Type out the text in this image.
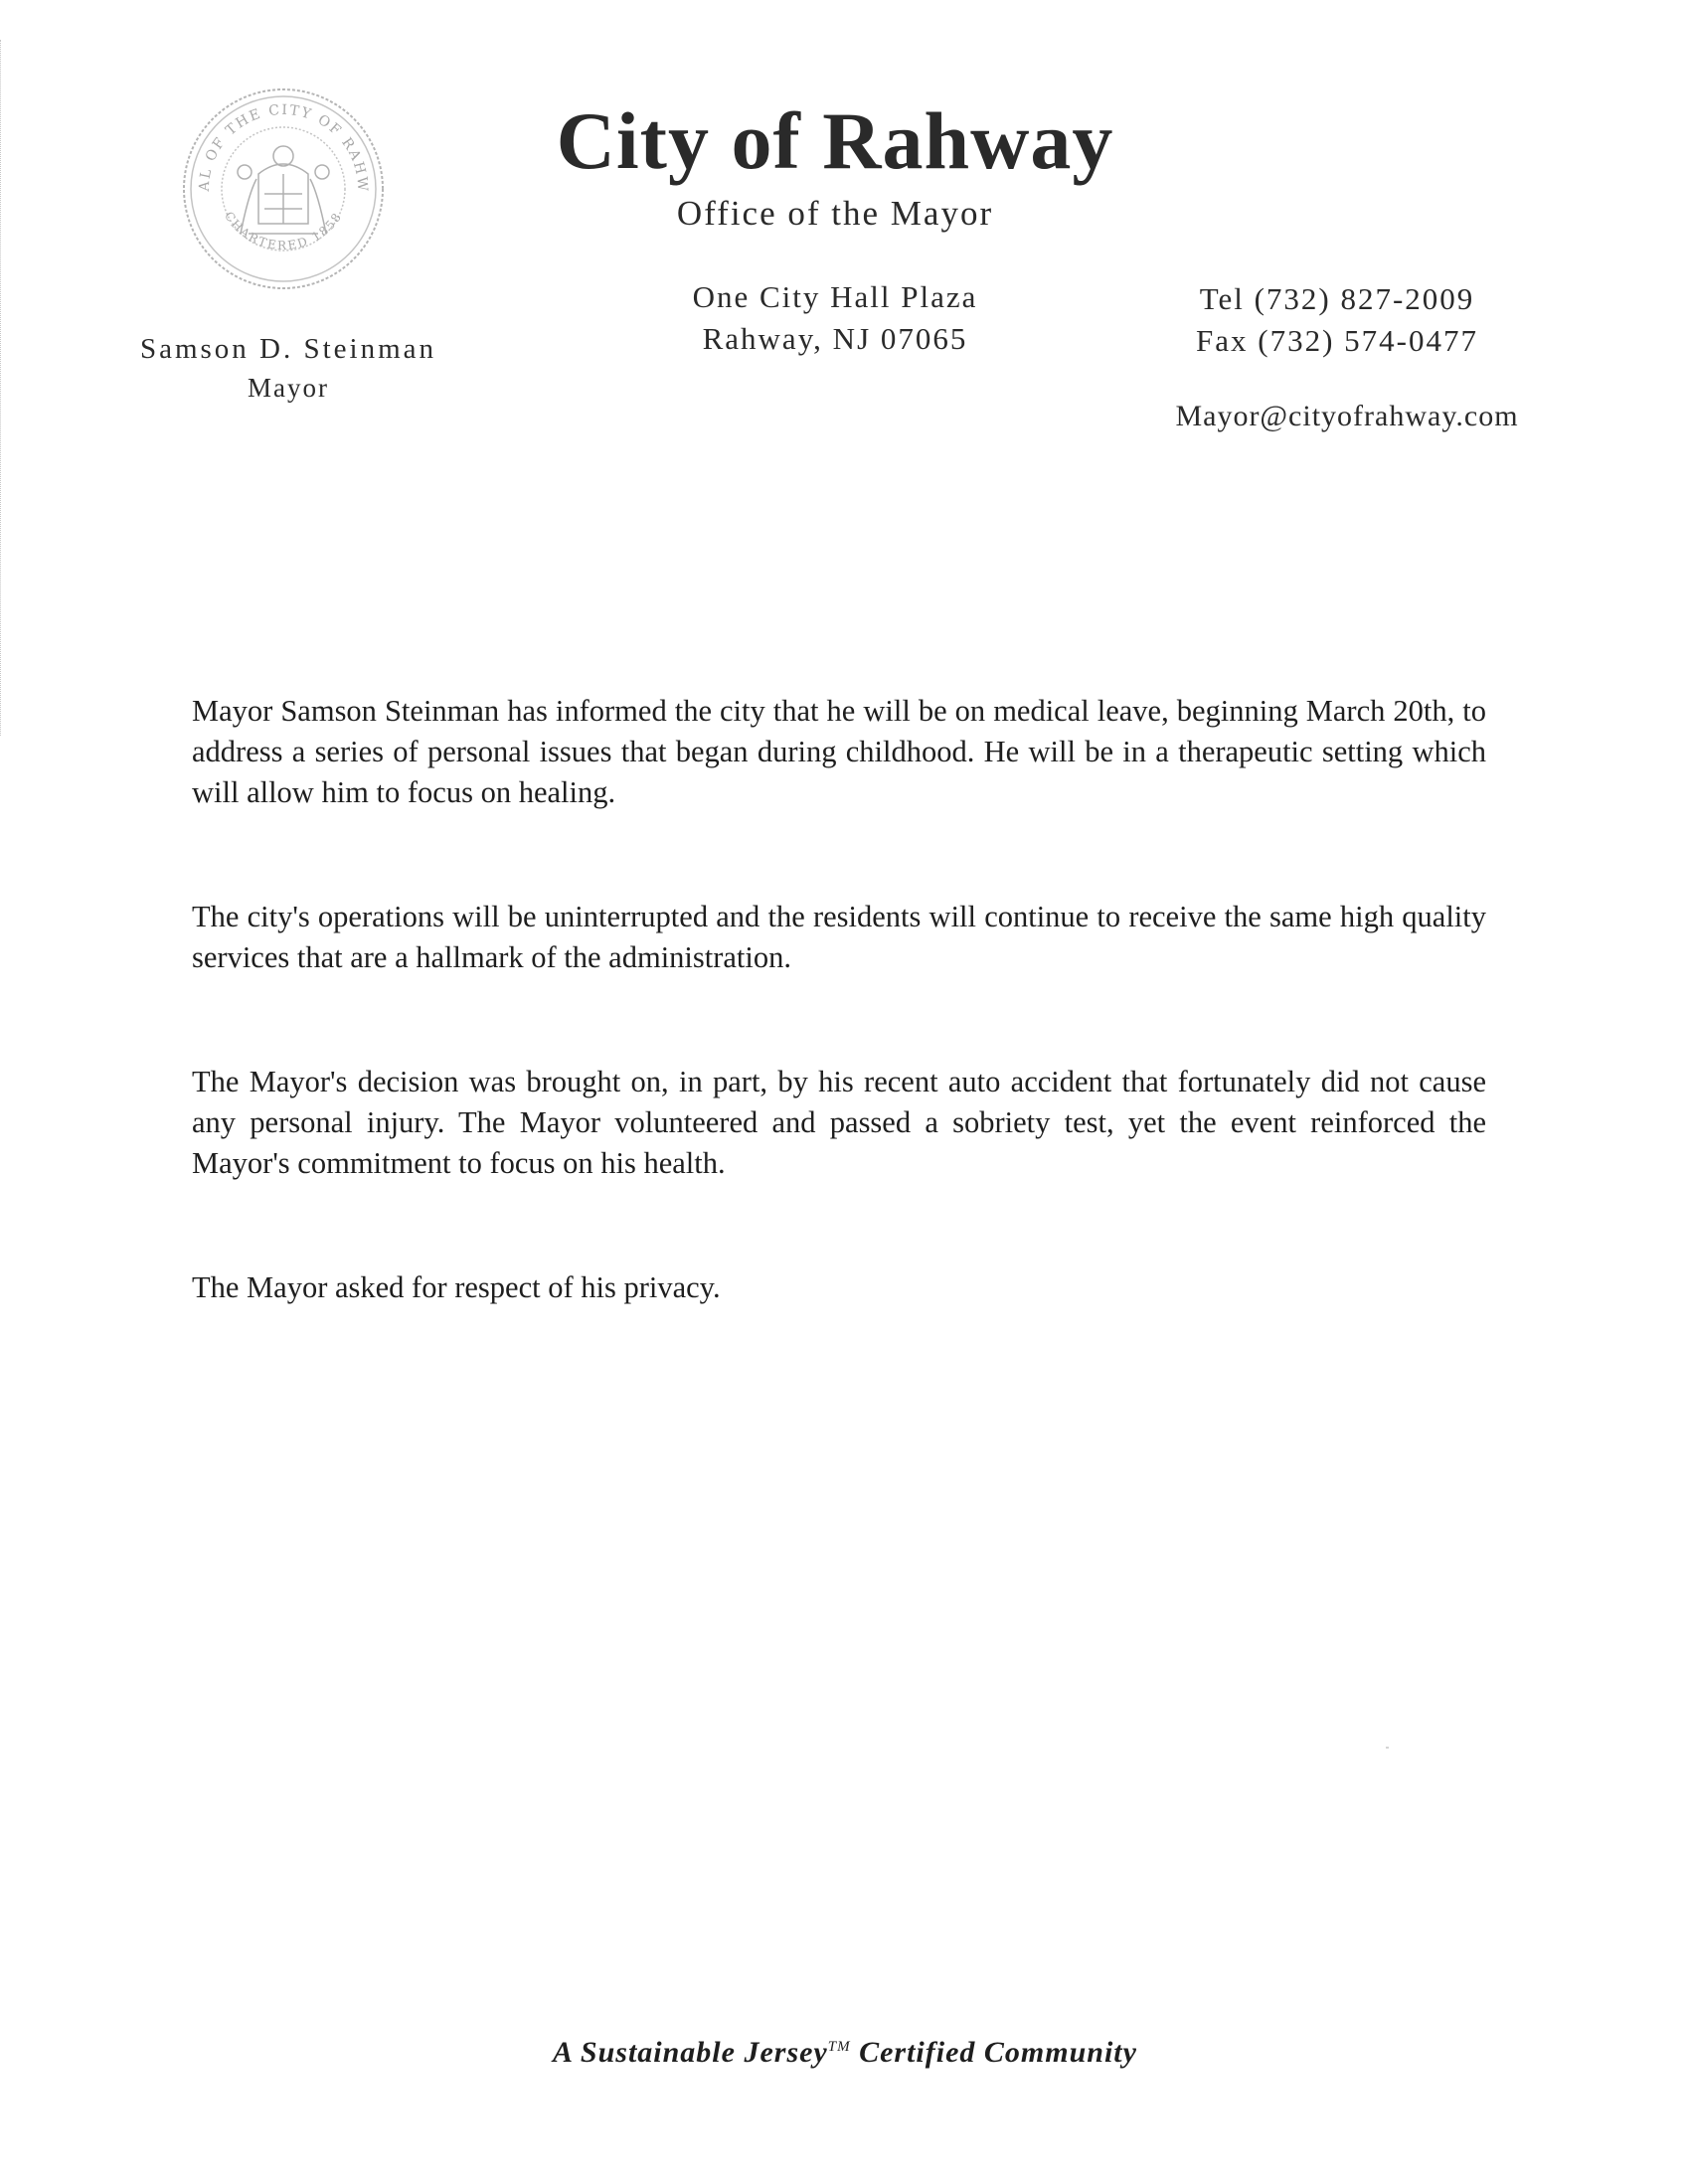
AL OF THE CITY OF RAHW
CHARTERED 1858
City of Rahway
Office of the Mayor
One City Hall Plaza
Rahway, NJ 07065
Tel (732) 827-2009
Fax (732) 574-0477
Mayor@cityofrahway.com
Samson D. Steinman
Mayor

Mayor Samson Steinman has informed the city that he will be on medical leave, beginning March 20th, to address a series of personal issues that began during childhood. He will be in a therapeutic setting which will allow him to focus on healing.

The city's operations will be uninterrupted and the residents will continue to receive the same high quality services that are a hallmark of the administration.

The Mayor's decision was brought on, in part, by his recent auto accident that fortunately did not cause any personal injury. The Mayor volunteered and passed a sobriety test, yet the event reinforced the Mayor's commitment to focus on his health.

The Mayor asked for respect of his privacy.

A Sustainable Jersey™ Certified Community
